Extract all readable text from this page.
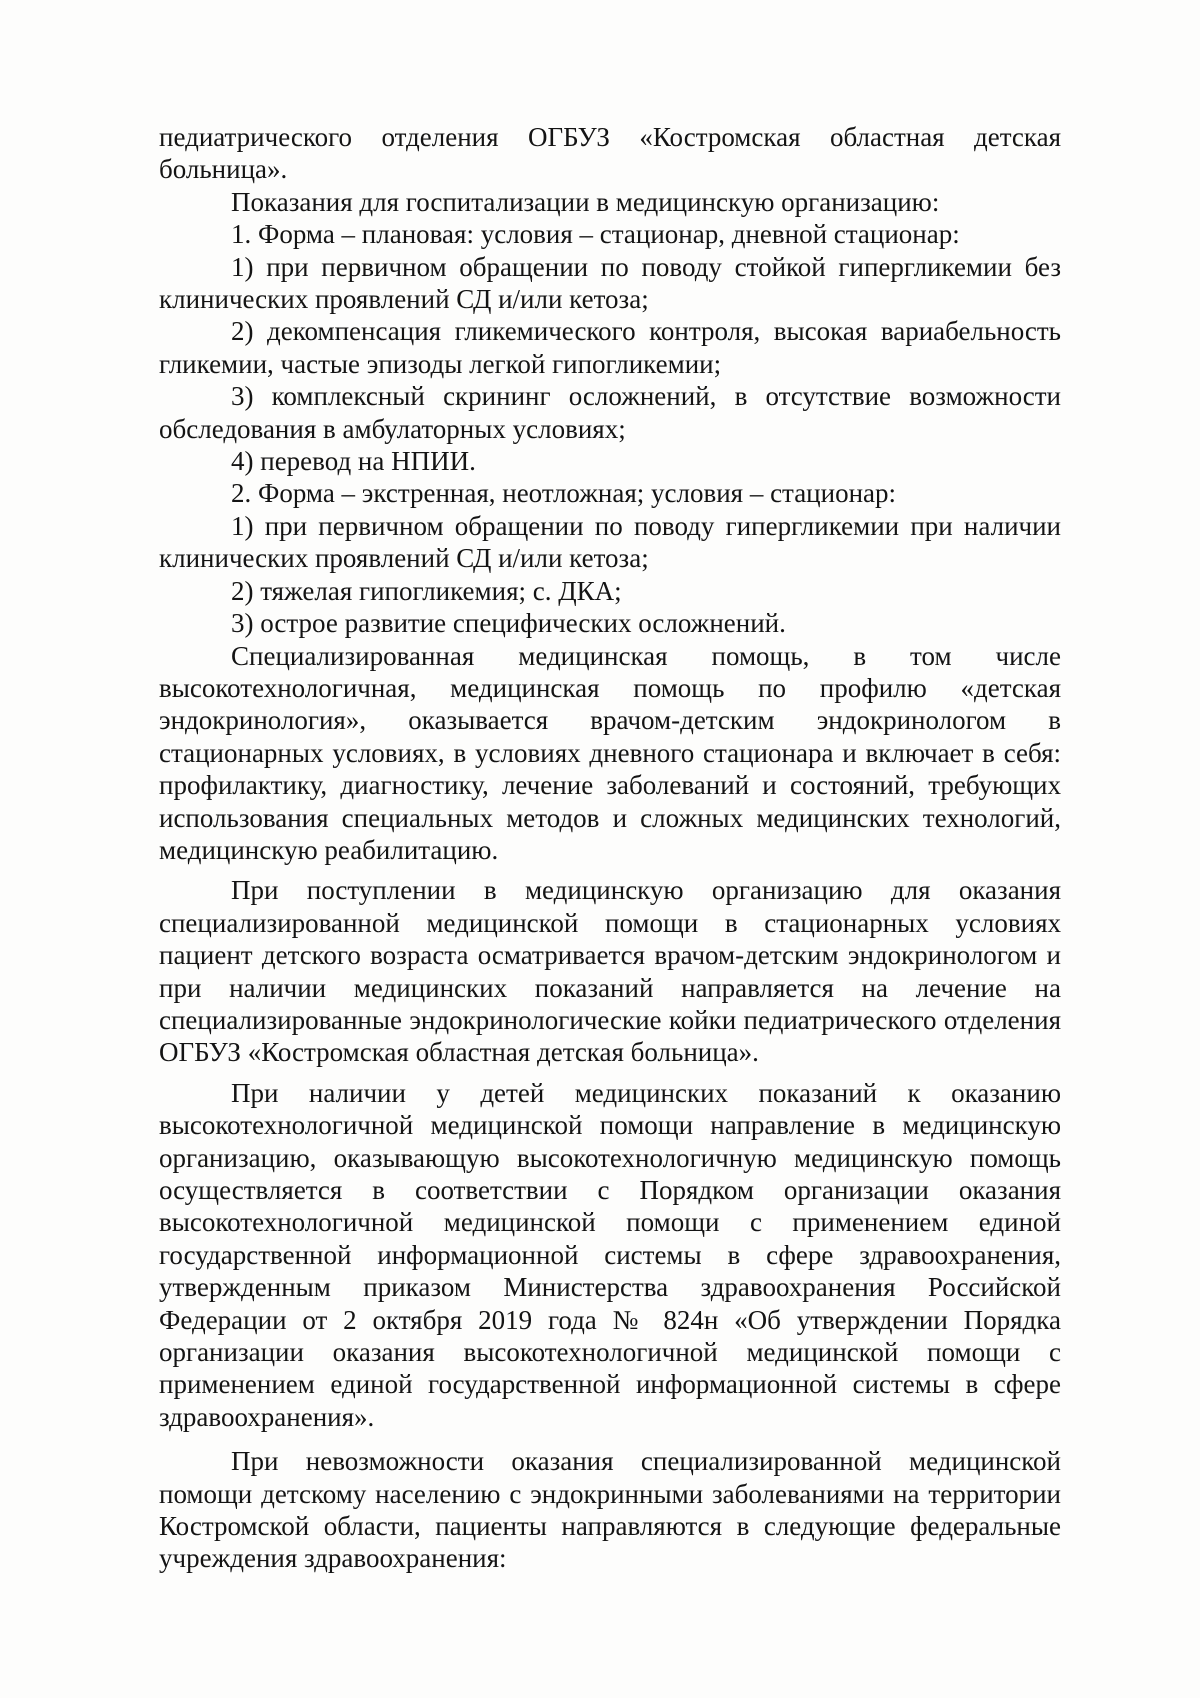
педиатрического отделения ОГБУЗ «Костромская областная детская больница».

Показания для госпитализации в медицинскую организацию:

1. Форма – плановая: условия – стационар, дневной стационар:

1) при первичном обращении по поводу стойкой гипергликемии без клинических проявлений СД и/или кетоза;

2) декомпенсация гликемического контроля, высокая вариабельность гликемии, частые эпизоды легкой гипогликемии;

3) комплексный скрининг осложнений, в отсутствие возможности обследования в амбулаторных условиях;

4) перевод на НПИИ.

2. Форма – экстренная, неотложная; условия – стационар:

1) при первичном обращении по поводу гипергликемии при наличии клинических проявлений СД и/или кетоза;

2) тяжелая гипогликемия; с. ДКА;

3) острое развитие специфических осложнений.

Специализированная медицинская помощь, в том числе высокотехнологичная, медицинская помощь по профилю «детская эндокринология», оказывается врачом-детским эндокринологом в стационарных условиях, в условиях дневного стационара и включает в себя: профилактику, диагностику, лечение заболеваний и состояний, требующих использования специальных методов и сложных медицинских технологий, медицинскую реабилитацию.

При поступлении в медицинскую организацию для оказания специализированной медицинской помощи в стационарных условиях пациент детского возраста осматривается врачом-детским эндокринологом и при наличии медицинских показаний направляется на лечение на специализированные эндокринологические койки педиатрического отделения ОГБУЗ «Костромская областная детская больница».

При наличии у детей медицинских показаний к оказанию высокотехнологичной медицинской помощи направление в медицинскую организацию, оказывающую высокотехнологичную медицинскую помощь осуществляется в соответствии с Порядком организации оказания высокотехнологичной медицинской помощи с применением единой государственной информационной системы в сфере здравоохранения, утвержденным приказом Министерства здравоохранения Российской Федерации от 2 октября 2019 года № 824н «Об утверждении Порядка организации оказания высокотехнологичной медицинской помощи с применением единой государственной информационной системы в сфере здравоохранения».

При невозможности оказания специализированной медицинской помощи детскому населению с эндокринными заболеваниями на территории Костромской области, пациенты направляются в следующие федеральные учреждения здравоохранения:
